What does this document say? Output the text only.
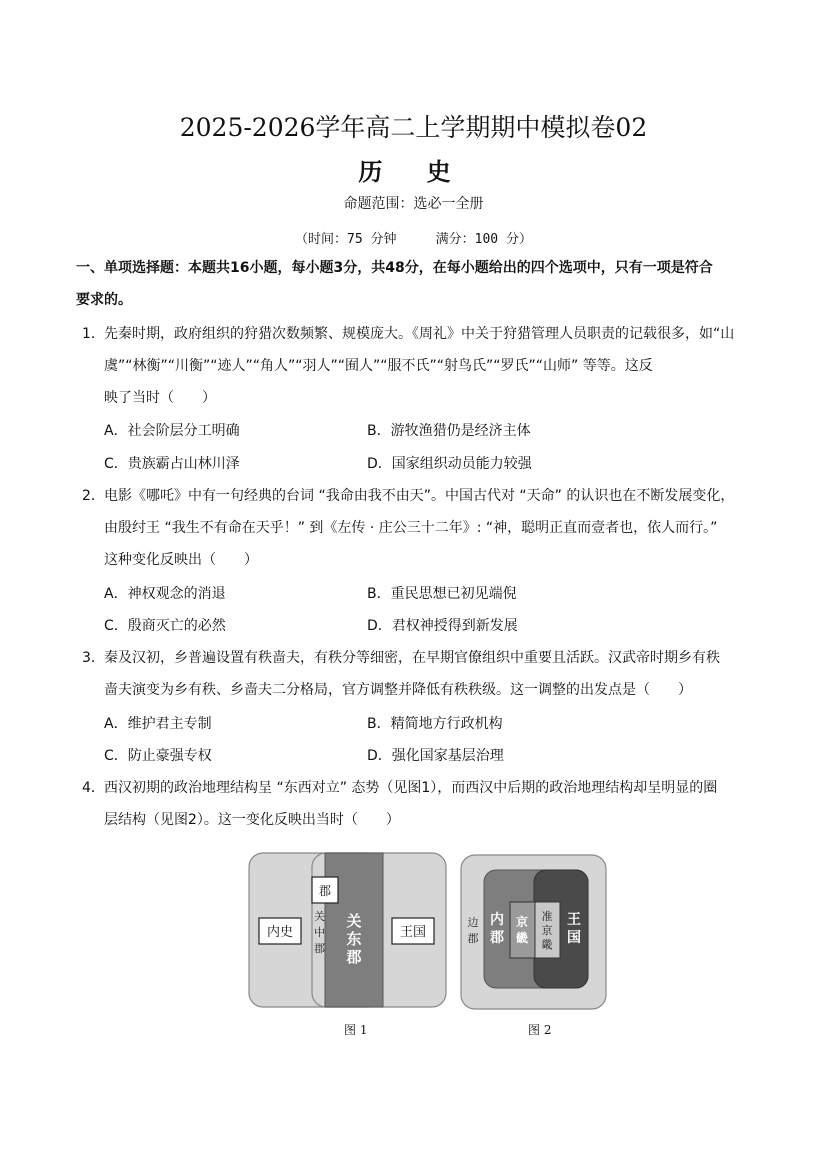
2025-2026学年高二上学期期中模拟卷02
历 史
命题范围：选必一全册
（时间：75 分钟     满分：100 分）
一、单项选择题：本题共16小题，每小题3分，共48分，在每小题给出的四个选项中，只有一项是符合
要求的。
1． 先秦时期，政府组织的狩猎次数频繁、规模庞大。《周礼》中关于狩猎管理人员职责的记载很多，如“山
虞”“林衡”“川衡”“迹人”“角人”“羽人”“囿人”“服不氏”“射鸟氏”“罗氏”“山师” 等等。这反
映了当时（　　）
A．社会阶层分工明确	B．游牧渔猎仍是经济主体
C．贵族霸占山林川泽	D．国家组织动员能力较强
2． 电影《哪吒》中有一句经典的台词 “我命由我不由天”。中国古代对 “天命” 的认识也在不断发展变化，
由殷纣王 “我生不有命在天乎！” 到《左传 · 庄公三十二年》: “神，聪明正直而壹者也，依人而行。”
这种变化反映出（　　）
A．神权观念的消退	B．重民思想已初见端倪
C．殷商灭亡的必然	D．君权神授得到新发展
3． 秦及汉初，乡普遍设置有秩啬夫，有秩分等细密，在早期官僚组织中重要且活跃。汉武帝时期乡有秩
啬夫演变为乡有秩、乡啬夫二分格局，官方调整并降低有秩秩级。这一调整的出发点是（　　）
A．维护君主专制	B．精简地方行政机构
C．防止豪强专权	D．强化国家基层治理
4． 西汉初期的政治地理结构呈 “东西对立” 态势（见图1），而西汉中后期的政治地理结构却呈明显的圈
层结构（见图2）。这一变化反映出当时（　　）
内史
郡
关
中
郡
关
东
郡
王国
图 1
边
郡
内
郡
京
畿
准
京
畿
王
国
图 2
